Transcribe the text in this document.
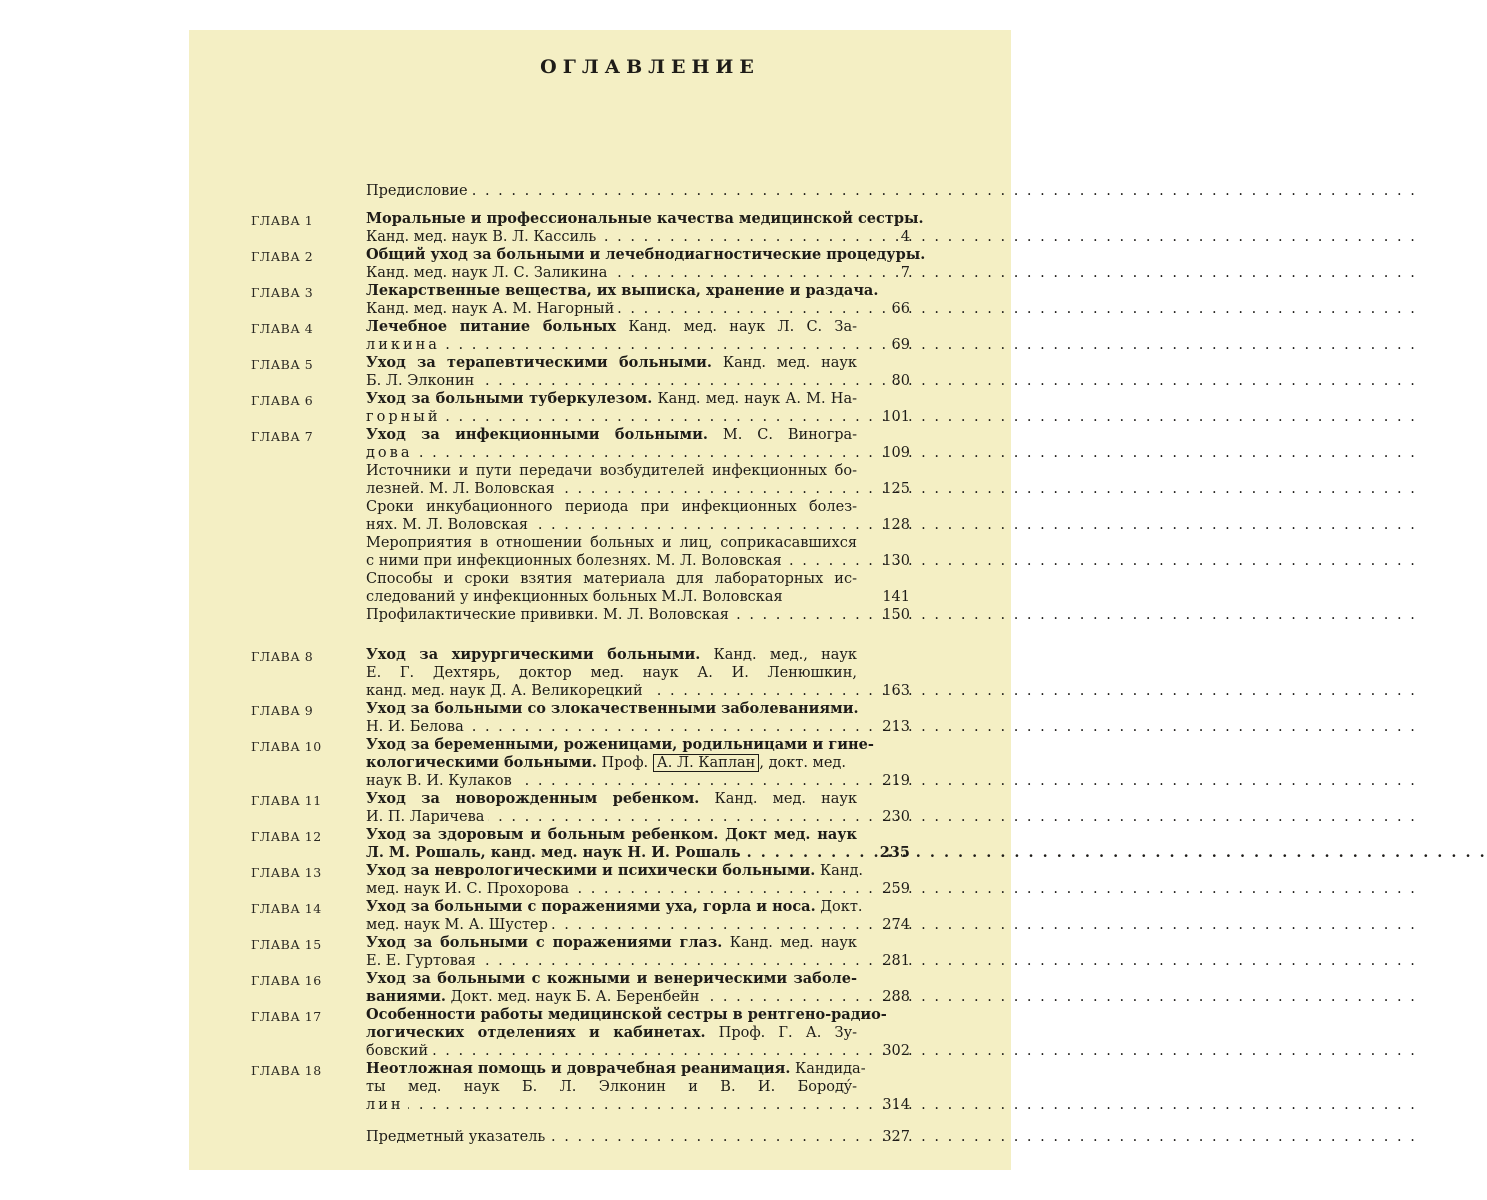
ОГЛАВЛЕНИЕ
Предисловие . . .
ГЛАВА 1	Моральные и профессиональные качества медицинской сестры.
Канд. мед. наук В. Л. Кассиль . . .	4
ГЛАВА 2	Общий уход за больными и лечебнодиагностические процедуры.
Канд. мед. наук Л. С. Заликина . . .	7
ГЛАВА 3	Лекарственные вещества, их выписка, хранение и раздача.
Канд. мед. наук А. М. Нагорный . . .	66
ГЛАВА 4	Лечебное питание больных Канд. мед. наук Л. С. За-
ликина . . .	69
ГЛАВА 5	Уход за терапевтическими больными. Канд. мед. наук
Б. Л. Элконин . . .	80
ГЛАВА 6	Уход за больными туберкулезом. Канд. мед. наук А. М. На-
горный . . .	101
ГЛАВА 7	Уход за инфекционными больными. М. С. Виногра-
дова . . .	109
Источники и пути передачи возбудителей инфекционных бо-
лезней. М. Л. Воловская . . .	125
Сроки инкубационного периода при инфекционных болез-
нях. М. Л. Воловская . . .	128
Мероприятия в отношении больных и лиц, соприкасавшихся
с ними при инфекционных болезнях. М. Л. Воловская . . .	130
Способы и сроки взятия материала для лабораторных ис-
следований у инфекционных больных М.Л. Воловская	141
Профилактические прививки. М. Л. Воловская . . .	150
ГЛАВА 8	Уход за хирургическими больными. Канд. мед., наук
Е. Г. Дехтярь, доктор мед. наук А. И. Ленюшкин,
канд. мед. наук Д. А. Великорецкий . . .	163
ГЛАВА 9	Уход за больными со злокачественными заболеваниями.
Н. И. Белова . . .	213
ГЛАВА 10	Уход за беременными, роженицами, родильницами и гине-
кологическими больными. Проф. А. Л. Каплан , докт. мед.
наук В. И. Кулаков . . .	219
ГЛАВА 11	Уход за новорожденным ребенком. Канд. мед. наук
И. П. Ларичева . . .	230
ГЛАВА 12	Уход за здоровым и больным ребенком. Докт мед. наук
Л. М. Рошаль, канд. мед. наук Н. И. Рошаль . . .	235
ГЛАВА 13	Уход за неврологическими и психически больными. Канд.
мед. наук И. С. Прохорова . . .	259
ГЛАВА 14	Уход за больными с поражениями уха, горла и носа. Докт.
мед. наук М. А. Шустер . . .	274
ГЛАВА 15	Уход за больными с поражениями глаз. Канд. мед. наук
Е. Е. Гуртовая . . .	281
ГЛАВА 16	Уход за больными с кожными и венерическими заболе-
ваниями. Докт. мед. наук Б. А. Беренбейн . . .	288
ГЛАВА 17	Особенности работы медицинской сестры в рентгено-радио-
логических отделениях и кабинетах. Проф. Г. А. Зу-
бовский . . .	302
ГЛАВА 18	Неотложная помощь и доврачебная реанимация. Кандида-
ты мед. наук Б. Л. Элконин и В. И. Бородý-
лин . . .	314
Предметный указатель . . .	327
